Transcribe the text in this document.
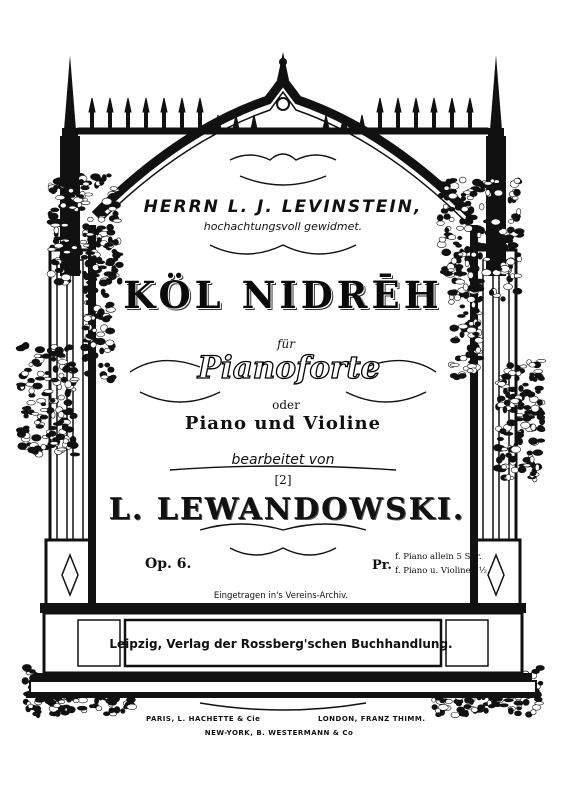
HERRN L. J. LEVINSTEIN,
hochachtungsvoll gewidmet.
KÖL NIDRĒH
für
Pianoforte
oder
Piano und Violine
bearbeitet von
[2]
L. LEWANDOWSKI.
Op. 6.	Pr.
f. Piano allein 5 Sgr.
f. Piano u. Violine 7½.
Eingetragen in's Vereins-Archiv.
Leipzig, Verlag der Rossberg'schen Buchhandlung.
PARIS, L. HACHETTE & Cie	LONDON, FRANZ THIMM.
NEW-YORK, B. WESTERMANN & Co
